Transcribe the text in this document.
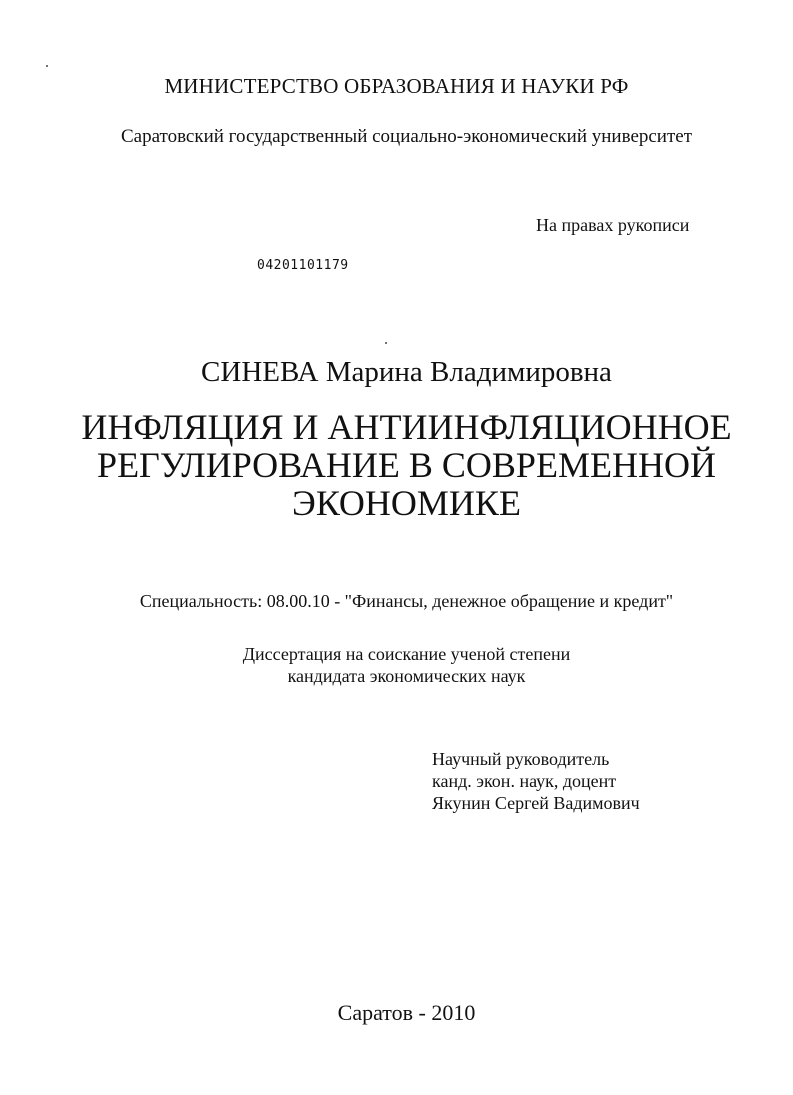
МИНИСТЕРСТВО ОБРАЗОВАНИЯ И НАУКИ РФ
Саратовский государственный социально-экономический университет
На правах рукописи
04201101179
СИНЕВА Марина Владимировна
ИНФЛЯЦИЯ И АНТИИНФЛЯЦИОННОЕ
РЕГУЛИРОВАНИЕ В СОВРЕМЕННОЙ
ЭКОНОМИКЕ
Специальность: 08.00.10 - "Финансы, денежное обращение и кредит"
Диссертация на соискание ученой степени
кандидата экономических наук
Научный руководитель
канд. экон. наук, доцент
Якунин Сергей Вадимович
Саратов - 2010
